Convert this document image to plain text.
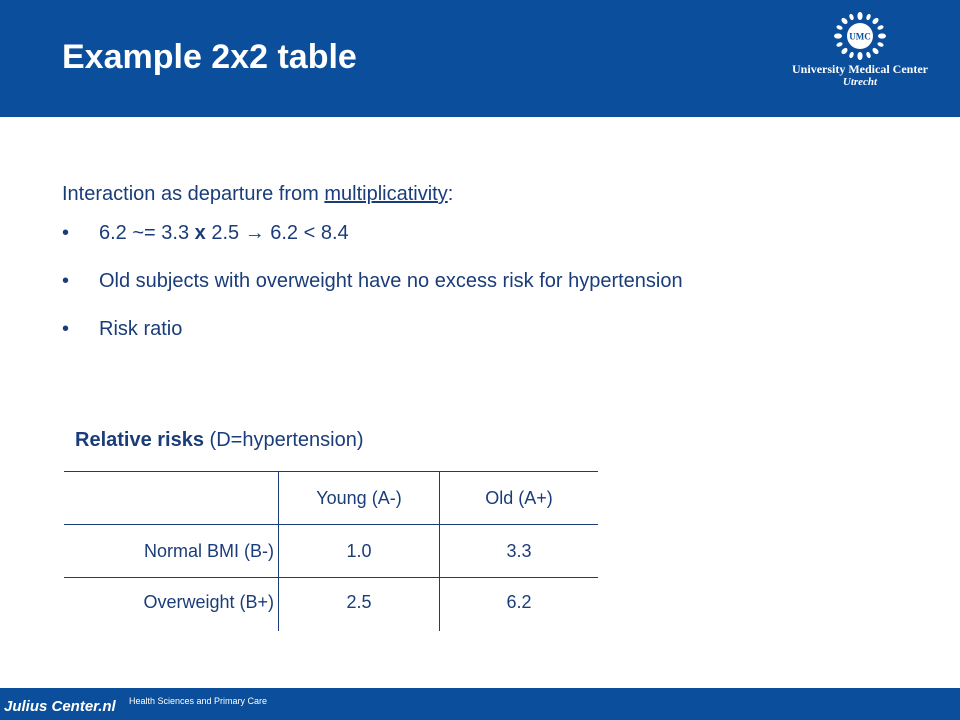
Example 2x2 table
UMC
University Medical Center
Utrecht

Interaction as departure from multiplicativity:

• 6.2 ~= 3.3 x 2.5 → 6.2 < 8.4
• Old subjects with overweight have no excess risk for hypertension
• Risk ratio
Relative risks (D=hypertension)
	Young (A-)	Old (A+)
Normal BMI (B-)	1.0	3.3
Overweight (B+)	2.5	6.2
Julius Center.nl Health Sciences and Primary Care
